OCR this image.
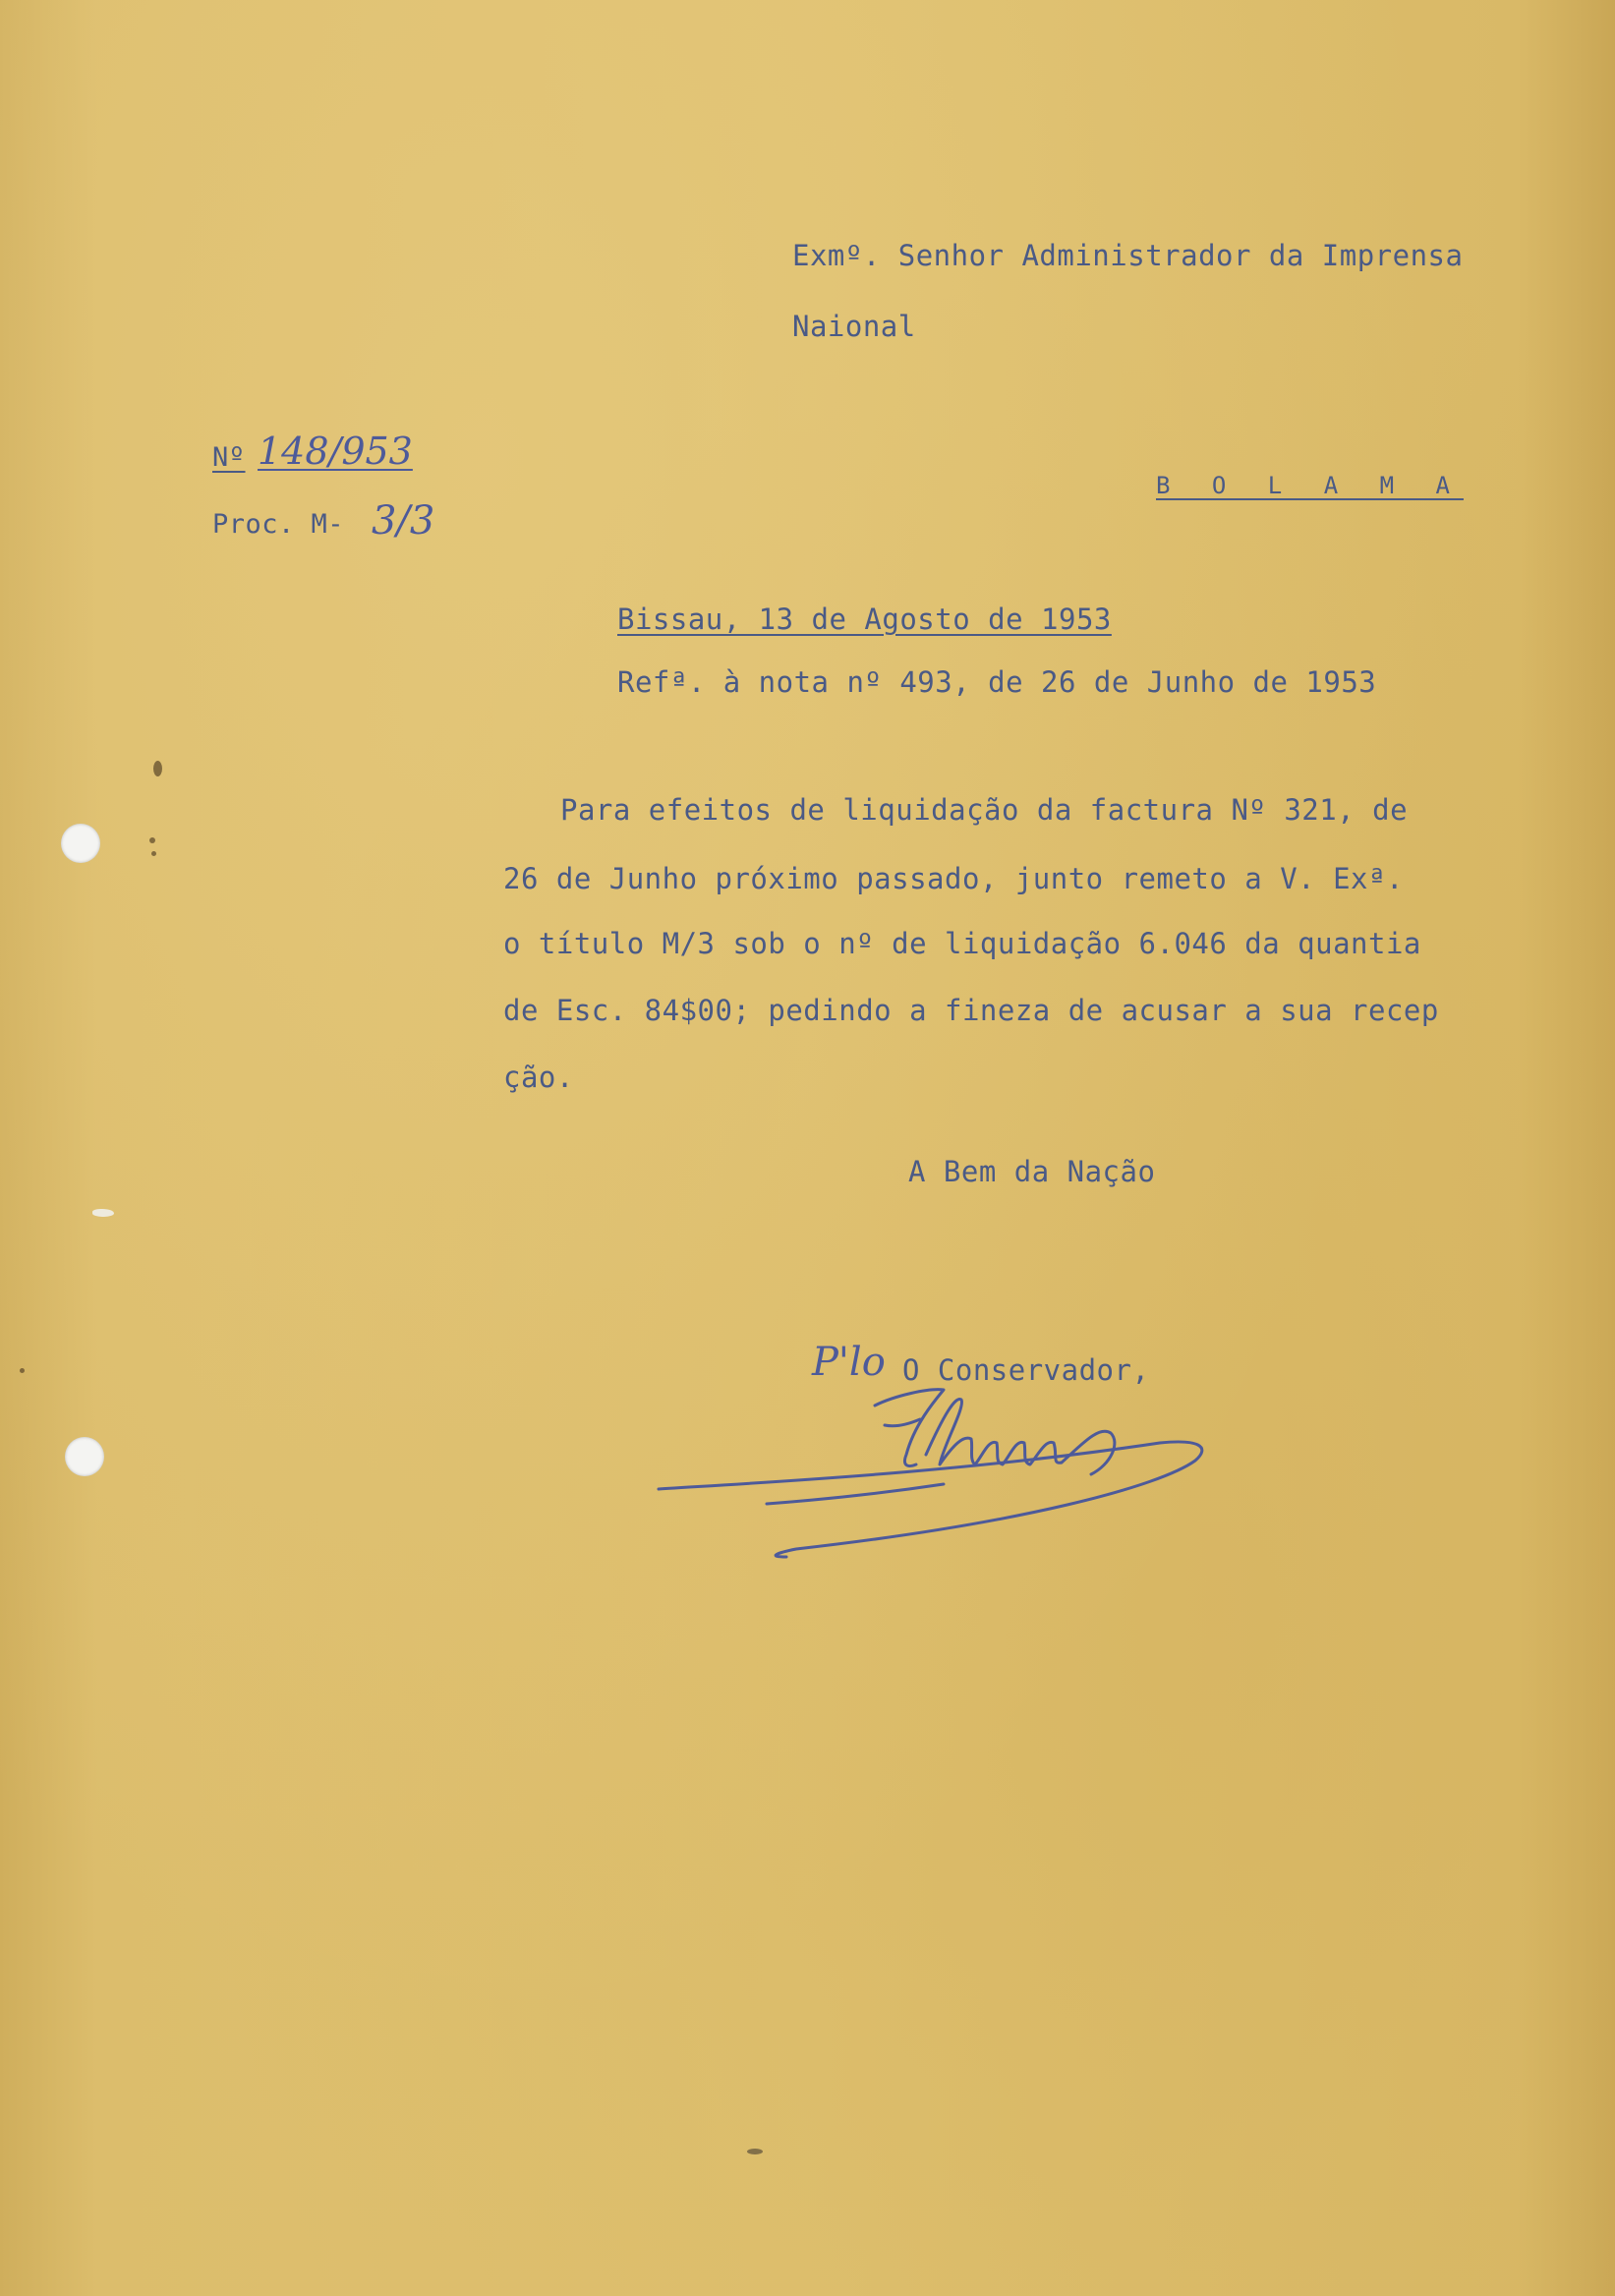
Exmº. Senhor Administrador da Imprensa
Naional
Nº 148/953
Proc. M- 3/3
B O L A M A
Bissau, 13 de Agosto de 1953
Refª. à nota nº 493, de 26 de Junho de 1953
Para efeitos de liquidação da factura Nº 321, de
26 de Junho próximo passado, junto remeto a V. Exª.
o título M/3 sob o nº de liquidação 6.046 da quantia
de Esc. 84$00; pedindo a fineza de acusar a sua recep
ção.
A Bem da Nação
P'lo O Conservador,
